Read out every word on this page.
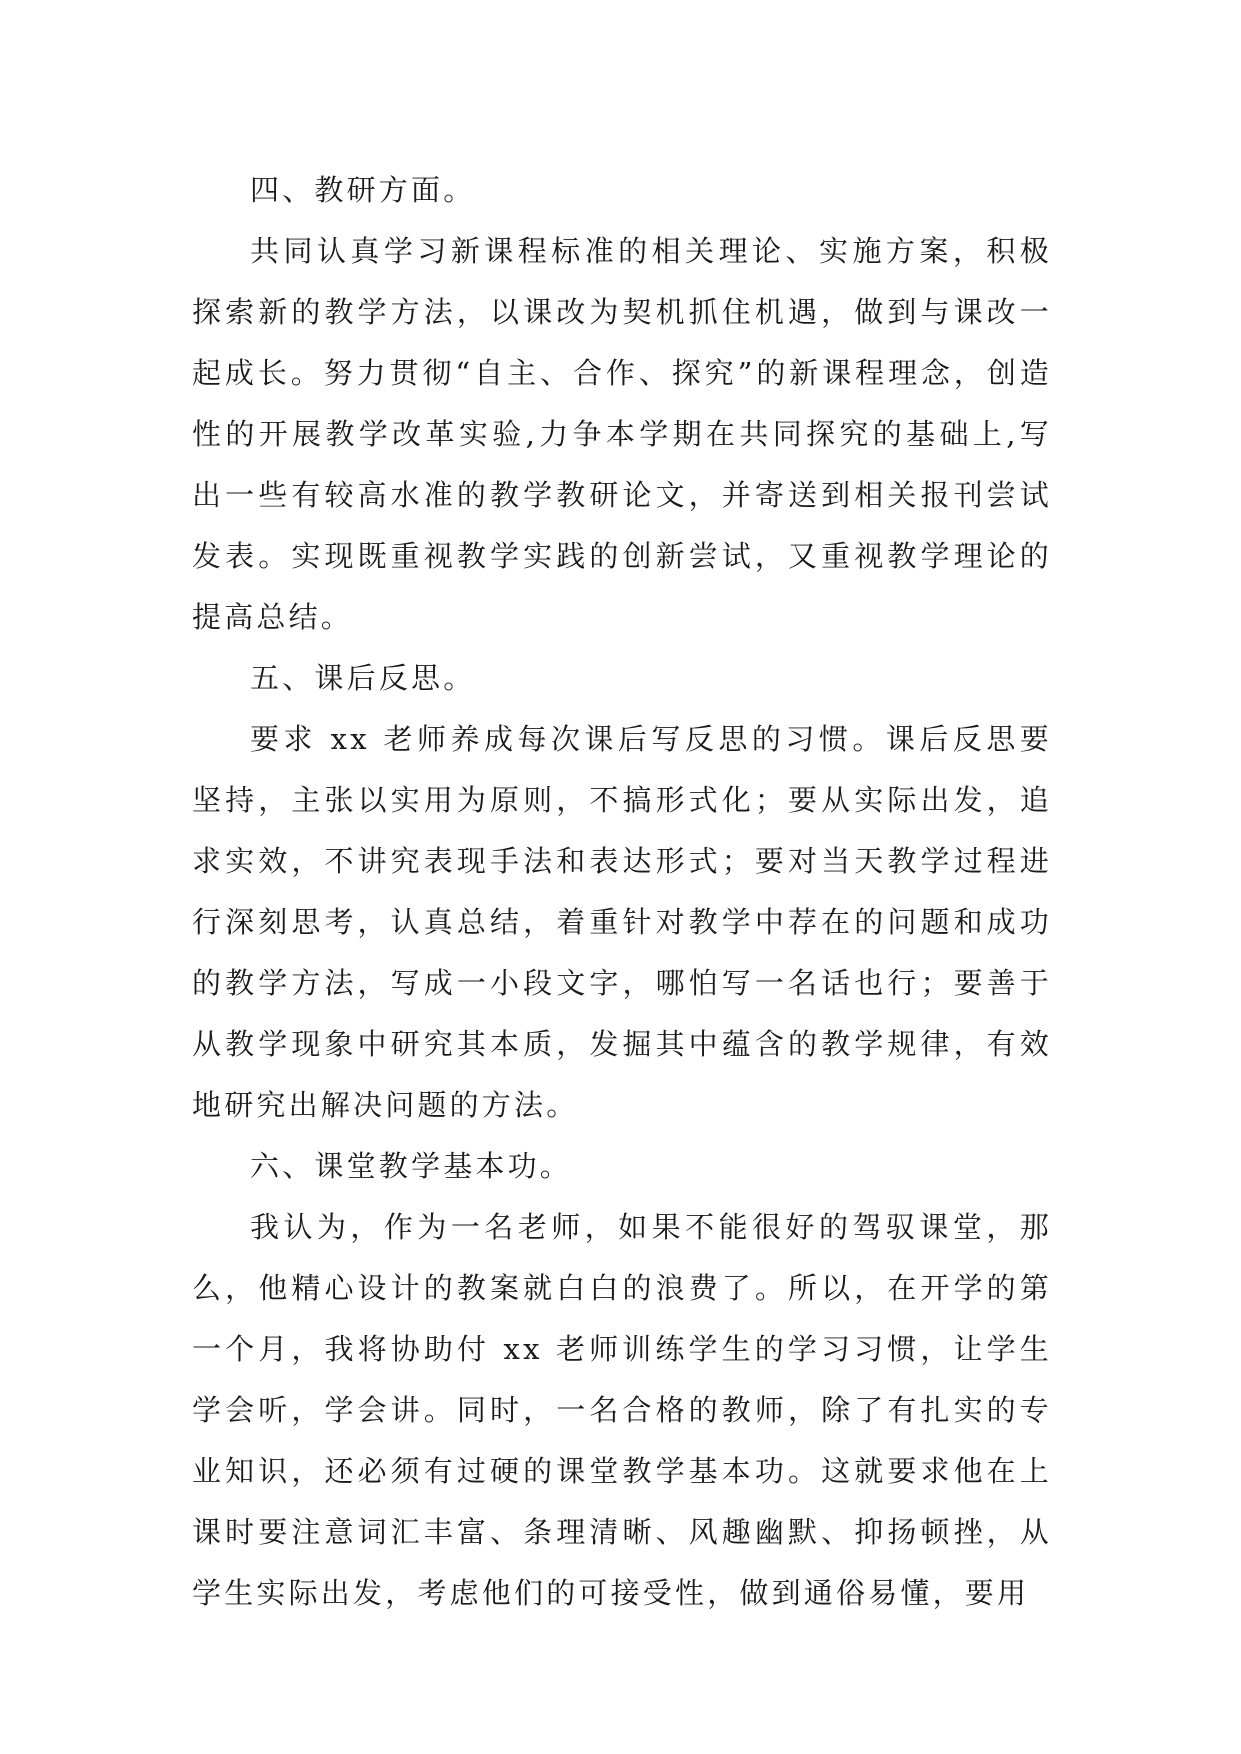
四、教研方面。

共同认真学习新课程标准的相关理论、实施方案，积极探索新的教学方法，以课改为契机抓住机遇，做到与课改一起成长。努力贯彻“自主、合作、探究”的新课程理念，创造性的开展教学改革实验,力争本学期在共同探究的基础上,写出一些有较高水准的教学教研论文，并寄送到相关报刊尝试发表。实现既重视教学实践的创新尝试，又重视教学理论的提高总结。

五、课后反思。

要求 xx 老师养成每次课后写反思的习惯。课后反思要坚持，主张以实用为原则，不搞形式化；要从实际出发，追求实效，不讲究表现手法和表达形式；要对当天教学过程进行深刻思考，认真总结，着重针对教学中荐在的问题和成功的教学方法，写成一小段文字，哪怕写一名话也行；要善于从教学现象中研究其本质，发掘其中蕴含的教学规律，有效地研究出解决问题的方法。

六、课堂教学基本功。

我认为，作为一名老师，如果不能很好的驾驭课堂，那么，他精心设计的教案就白白的浪费了。所以，在开学的第一个月，我将协助付 xx 老师训练学生的学习习惯，让学生学会听，学会讲。同时，一名合格的教师，除了有扎实的专业知识，还必须有过硬的课堂教学基本功。这就要求他在上课时要注意词汇丰富、条理清晰、风趣幽默、抑扬顿挫，从学生实际出发，考虑他们的可接受性，做到通俗易懂，要用
